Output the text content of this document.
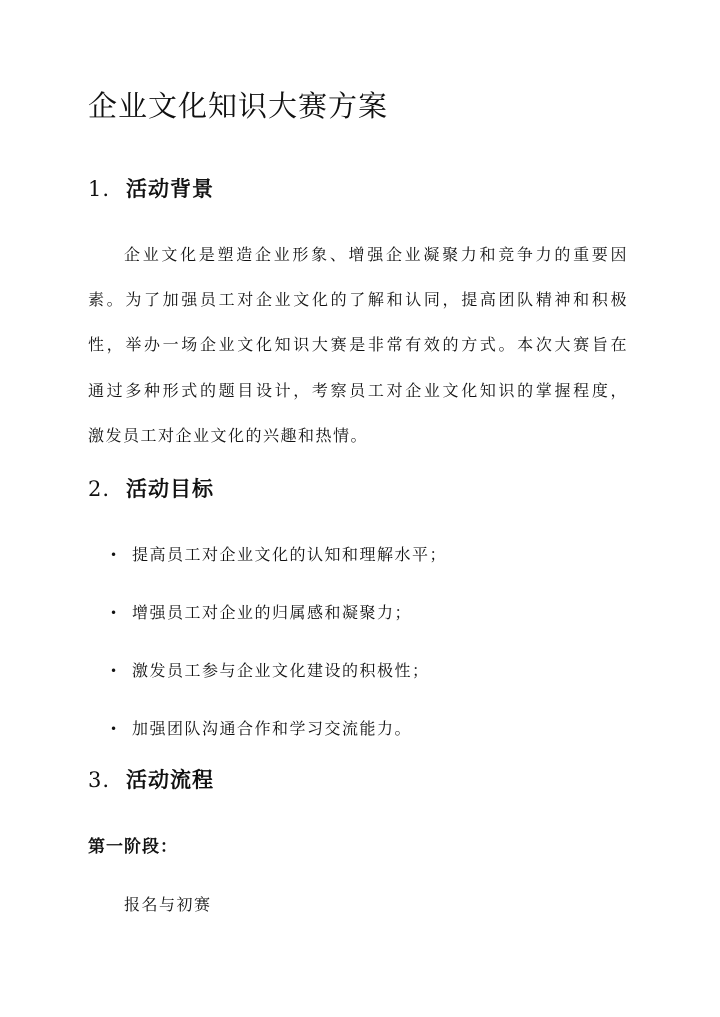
企业文化知识大赛方案
1. 活动背景
企业文化是塑造企业形象、增强企业凝聚力和竞争力的重要因
素。为了加强员工对企业文化的了解和认同，提高团队精神和积极
性，举办一场企业文化知识大赛是非常有效的方式。本次大赛旨在
通过多种形式的题目设计，考察员工对企业文化知识的掌握程度，
激发员工对企业文化的兴趣和热情。
2. 活动目标
• 提高员工对企业文化的认知和理解水平；
• 增强员工对企业的归属感和凝聚力；
• 激发员工参与企业文化建设的积极性；
• 加强团队沟通合作和学习交流能力。
3. 活动流程
第一阶段：

报名与初赛
